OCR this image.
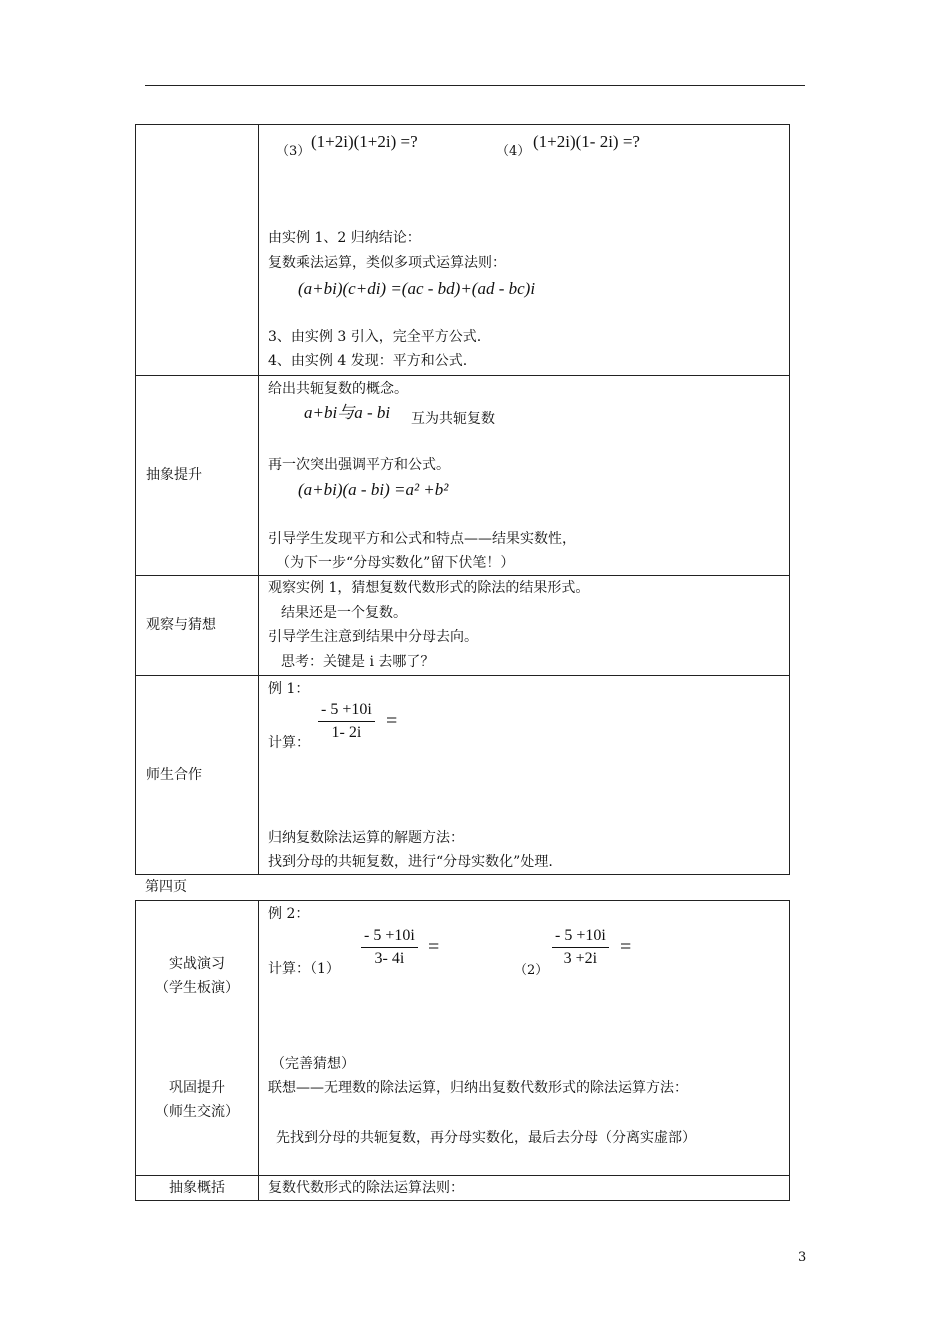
（3）
(1+2i)(1+2i) =?
（4）
(1+2i)(1- 2i) =?
由实例 1、2 归纳结论：
复数乘法运算，类似多项式运算法则：
(a+bi)(c+di) =(ac - bd)+(ad - bc)i
3、由实例 3 引入，完全平方公式.
4、由实例 4 发现：平方和公式.
抽象提升
给出共轭复数的概念。
a+bi与a - bi 互为共轭复数
再一次突出强调平方和公式。
(a+bi)(a - bi) =a² +b²
引导学生发现平方和公式和特点——结果实数性，
（为下一步“分母实数化”留下伏笔！）
观察与猜想
观察实例 1，猜想复数代数形式的除法的结果形式。
结果还是一个复数。
引导学生注意到结果中分母去向。
思考：关键是 i 去哪了？
师生合作
例 1：
计算：
$\frac{- 5 +10i}{1- 2i}$ =
归纳复数除法运算的解题方法：
找到分母的共轭复数，进行“分母实数化”处理.
第四页
实战演习
（学生板演）
巩固提升
（师生交流）
例 2：
计算：（1）
$\frac{- 5 +10i}{3- 4i}$ =
（2）
$\frac{- 5 +10i}{3 +2i}$ =
（完善猜想）
联想——无理数的除法运算，归纳出复数代数形式的除法运算方法：
先找到分母的共轭复数，再分母实数化，最后去分母（分离实虚部）
抽象概括	复数代数形式的除法运算法则：
3
